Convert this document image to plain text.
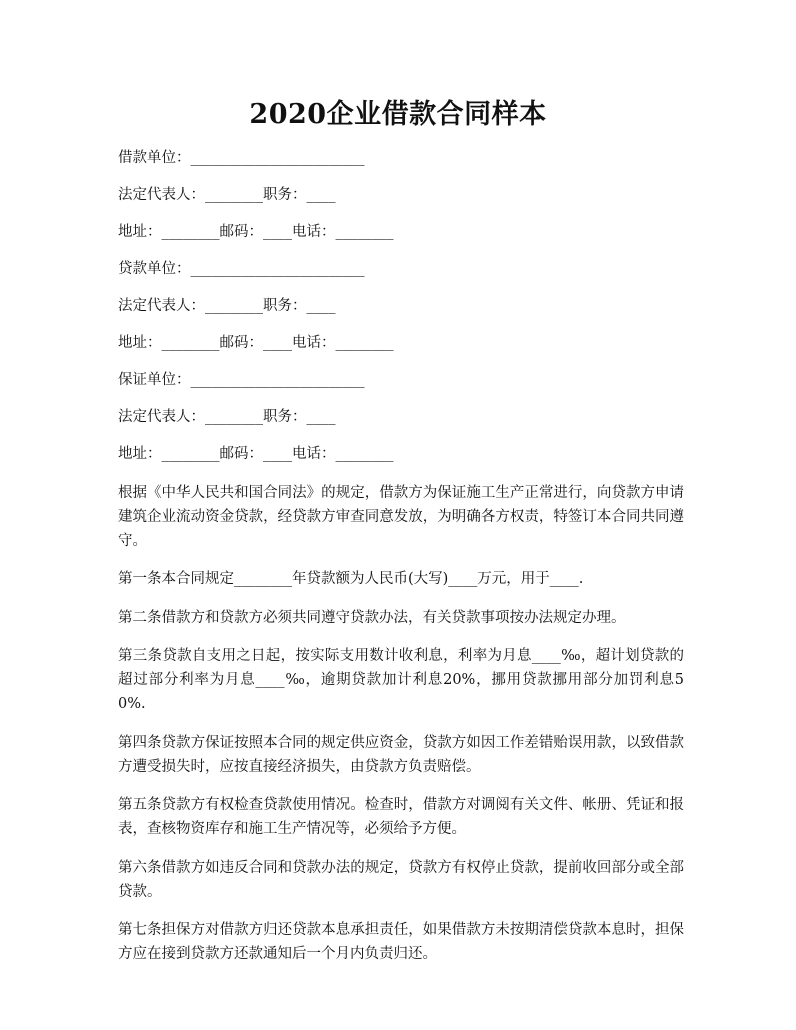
2020企业借款合同样本
借款单位：________________________
法定代表人：________职务：____
地址：________邮码：____电话：________
贷款单位：________________________
法定代表人：________职务：____
地址：________邮码：____电话：________
保证单位：________________________
法定代表人：________职务：____
地址：________邮码：____电话：________

根据《中华人民共和国合同法》的规定，借款方为保证施工生产正常进行，向贷款方申请建筑企业流动资金贷款，经贷款方审查同意发放，为明确各方权责，特签订本合同共同遵守。

第一条本合同规定________年贷款额为人民币(大写)____万元，用于____.

第二条借款方和贷款方必须共同遵守贷款办法，有关贷款事项按办法规定办理。

第三条贷款自支用之日起，按实际支用数计收利息，利率为月息____‰，超计划贷款的超过部分利率为月息____‰，逾期贷款加计利息20%，挪用贷款挪用部分加罚利息50%.

第四条贷款方保证按照本合同的规定供应资金，贷款方如因工作差错贻误用款，以致借款方遭受损失时，应按直接经济损失，由贷款方负责赔偿。

第五条贷款方有权检查贷款使用情况。检查时，借款方对调阅有关文件、帐册、凭证和报表，查核物资库存和施工生产情况等，必须给予方便。

第六条借款方如违反合同和贷款办法的规定，贷款方有权停止贷款，提前收回部分或全部贷款。

第七条担保方对借款方归还贷款本息承担责任，如果借款方未按期清偿贷款本息时，担保方应在接到贷款方还款通知后一个月内负责归还。
